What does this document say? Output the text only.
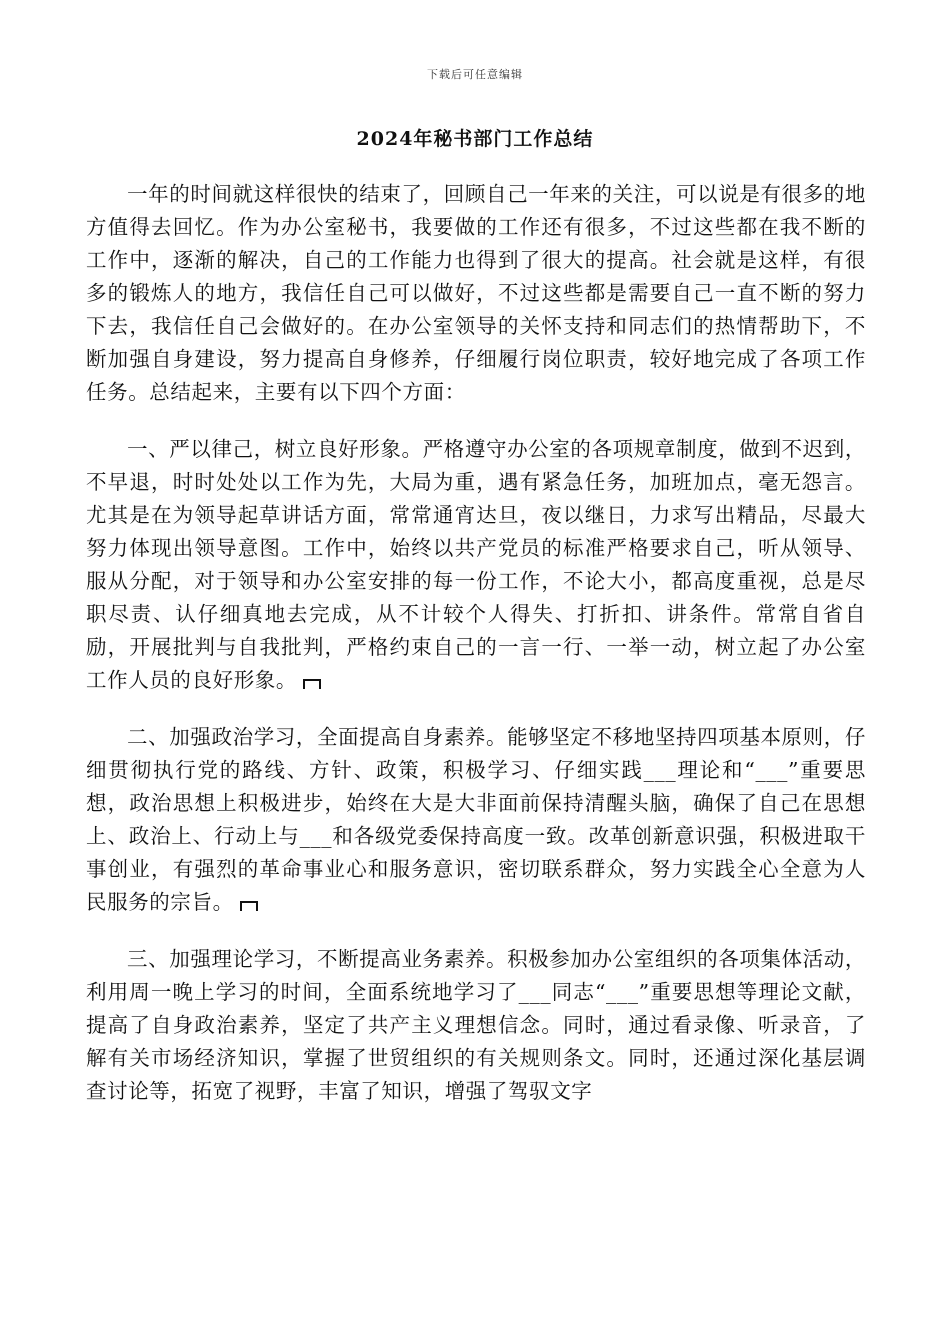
下载后可任意编辑
2024年秘书部门工作总结

一年的时间就这样很快的结束了，回顾自己一年来的关注，可以说是有很多的地方值得去回忆。作为办公室秘书，我要做的工作还有很多，不过这些都在我不断的工作中，逐渐的解决，自己的工作能力也得到了很大的提高。社会就是这样，有很多的锻炼人的地方，我信任自己可以做好，不过这些都是需要自己一直不断的努力下去，我信任自己会做好的。在办公室领导的关怀支持和同志们的热情帮助下，不断加强自身建设，努力提高自身修养，仔细履行岗位职责，较好地完成了各项工作任务。总结起来，主要有以下四个方面：

一、严以律己，树立良好形象。严格遵守办公室的各项规章制度，做到不迟到，不早退，时时处处以工作为先，大局为重，遇有紧急任务，加班加点，毫无怨言。尤其是在为领导起草讲话方面，常常通宵达旦，夜以继日，力求写出精品，尽最大努力体现出领导意图。工作中，始终以共产党员的标准严格要求自己，听从领导、服从分配，对于领导和办公室安排的每一份工作，不论大小，都高度重视，总是尽职尽责、认仔细真地去完成，从不计较个人得失、打折扣、讲条件。常常自省自励，开展批判与自我批判，严格约束自己的一言一行、一举一动，树立起了办公室工作人员的良好形象。

二、加强政治学习，全面提高自身素养。能够坚定不移地坚持四项基本原则，仔细贯彻执行党的路线、方针、政策，积极学习、仔细实践___理论和“___”重要思想，政治思想上积极进步，始终在大是大非面前保持清醒头脑，确保了自己在思想上、政治上、行动上与___和各级党委保持高度一致。改革创新意识强，积极进取干事创业，有强烈的革命事业心和服务意识，密切联系群众，努力实践全心全意为人民服务的宗旨。

三、加强理论学习，不断提高业务素养。积极参加办公室组织的各项集体活动，利用周一晚上学习的时间，全面系统地学习了___同志“___”重要思想等理论文献，提高了自身政治素养，坚定了共产主义理想信念。同时，通过看录像、听录音，了解有关市场经济知识，掌握了世贸组织的有关规则条文。同时，还通过深化基层调查讨论等，拓宽了视野，丰富了知识，增强了驾驭文字
